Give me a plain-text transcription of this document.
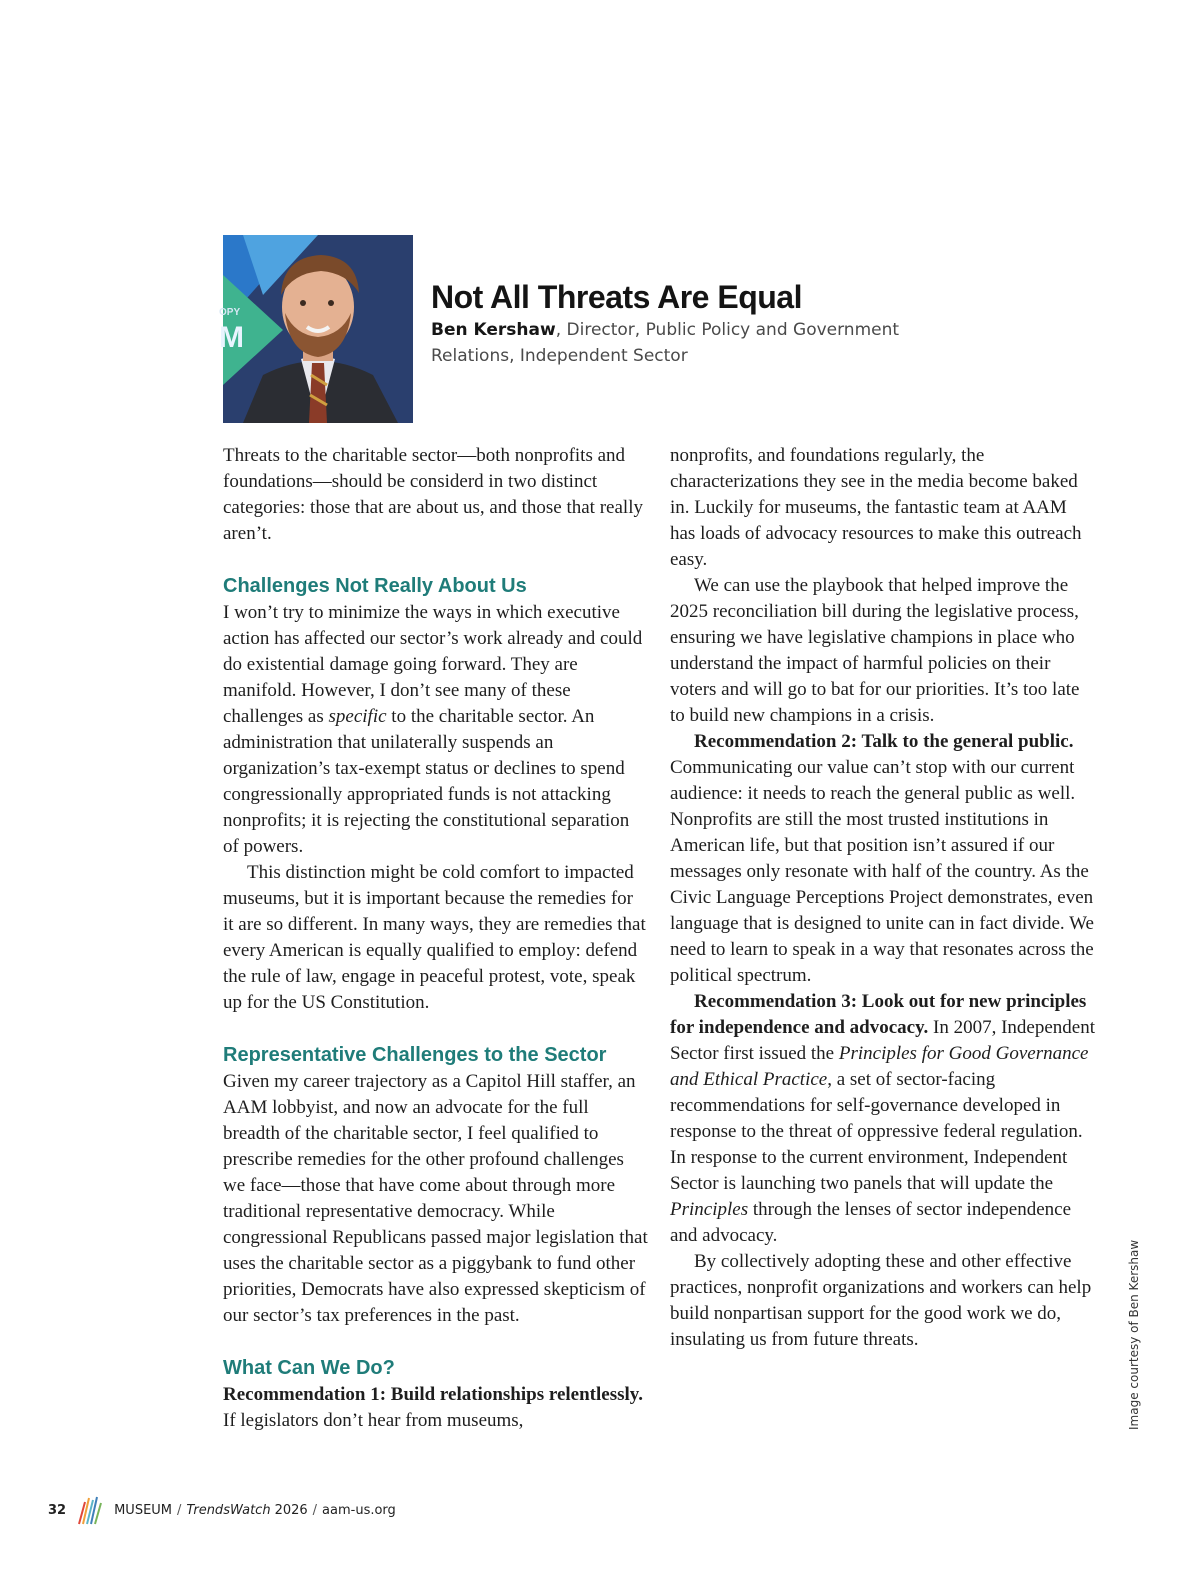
OPY
M
Not All Threats Are Equal
Ben Kershaw, Director, Public Policy and Government Relations, Independent Sector

Threats to the charitable sector—both nonprofits and foundations—should be considerd in two distinct categories: those that are about us, and those that really aren’t.

Challenges Not Really About Us

I won’t try to minimize the ways in which executive action has affected our sector’s work already and could do existential damage going forward. They are manifold. However, I don’t see many of these challenges as specific to the charitable sector. An administration that unilaterally suspends an organization’s tax-exempt status or declines to spend congressionally appropriated funds is not attacking nonprofits; it is rejecting the constitutional separation of powers.

This distinction might be cold comfort to impacted museums, but it is important because the remedies for it are so different. In many ways, they are remedies that every American is equally qualified to employ: defend the rule of law, engage in peaceful protest, vote, speak up for the US Constitution.

Representative Challenges to the Sector

Given my career trajectory as a Capitol Hill staffer, an AAM lobbyist, and now an advocate for the full breadth of the charitable sector, I feel qualified to prescribe remedies for the other profound challenges we face—those that have come about through more traditional representative democracy. While congressional Republicans passed major legislation that uses the charitable sector as a piggybank to fund other priorities, Democrats have also expressed skepticism of our sector’s tax preferences in the past.

What Can We Do?

Recommendation 1: Build relationships relentlessly. If legislators don’t hear from museums,

nonprofits, and foundations regularly, the characterizations they see in the media become baked in. Luckily for museums, the fantastic team at AAM has loads of advocacy resources to make this outreach easy.

We can use the playbook that helped improve the 2025 reconciliation bill during the legislative process, ensuring we have legislative champions in place who understand the impact of harmful policies on their voters and will go to bat for our priorities. It’s too late to build new champions in a crisis.

Recommendation 2: Talk to the general public. Communicating our value can’t stop with our current audience: it needs to reach the general public as well. Nonprofits are still the most trusted institutions in American life, but that position isn’t assured if our messages only resonate with half of the country. As the Civic Language Perceptions Project demonstrates, even language that is designed to unite can in fact divide. We need to learn to speak in a way that resonates across the political spectrum.

Recommendation 3: Look out for new principles for independence and advocacy. In 2007, Independent Sector first issued the Principles for Good Governance and Ethical Practice, a set of sector-facing recommendations for self-governance developed in response to the threat of oppressive federal regulation. In response to the current environment, Independent Sector is launching two panels that will update the Principles through the lenses of sector independence and advocacy.

By collectively adopting these and other effective practices, nonprofit organizations and workers can help build nonpartisan support for the good work we do, insulating us from future threats.	Image courtesy of Ben Kershaw
32	MUSEUM / TrendsWatch 2026 / aam-us.org
